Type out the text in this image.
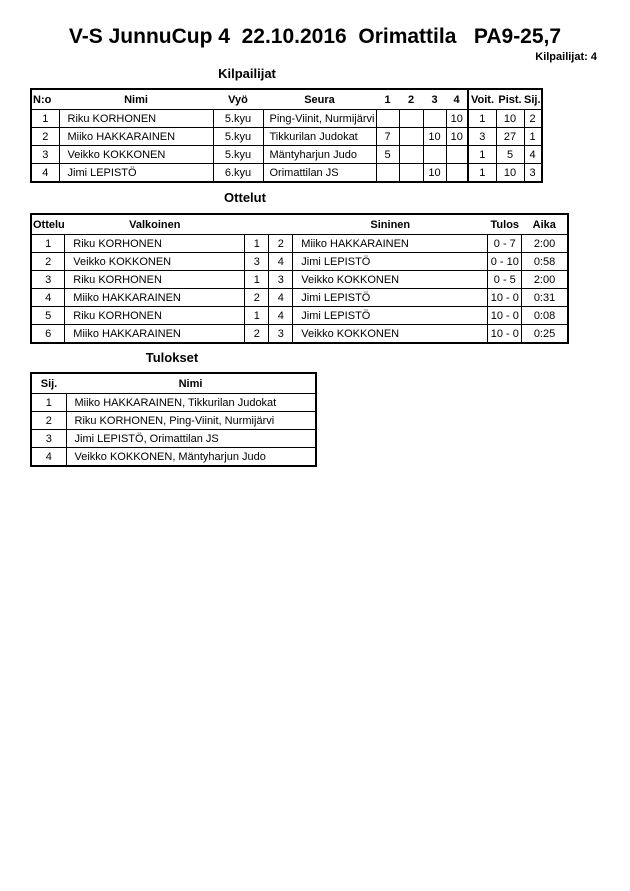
V-S JunnuCup 4  22.10.2016  Orimattila   PA9-25,7
Kilpailijat: 4
Kilpailijat
N:o	Nimi	Vyö	Seura	1	2	3	4	Voit.	Pist.	Sij.
1	Riku KORHONEN	5.kyu	Ping-Viinit, Nurmijärvi				10	1	10	2
2	Miiko HAKKARAINEN	5.kyu	Tikkurilan Judokat	7		10	10	3	27	1
3	Veikko KOKKONEN	5.kyu	Mäntyharjun Judo	5				1	5	4
4	Jimi LEPISTÖ	6.kyu	Orimattilan JS			10		1	10	3
Ottelut
Ottelu	Valkoinen			Sininen	Tulos	Aika
1	Riku KORHONEN	1	2	Miiko HAKKARAINEN	0 - 7	2:00
2	Veikko KOKKONEN	3	4	Jimi LEPISTÖ	0 - 10	0:58
3	Riku KORHONEN	1	3	Veikko KOKKONEN	0 - 5	2:00
4	Miiko HAKKARAINEN	2	4	Jimi LEPISTÖ	10 - 0	0:31
5	Riku KORHONEN	1	4	Jimi LEPISTÖ	10 - 0	0:08
6	Miiko HAKKARAINEN	2	3	Veikko KOKKONEN	10 - 0	0:25
Tulokset
Sij.	Nimi
1	Miiko HAKKARAINEN, Tikkurilan Judokat
2	Riku KORHONEN, Ping-Viinit, Nurmijärvi
3	Jimi LEPISTÖ, Orimattilan JS
4	Veikko KOKKONEN, Mäntyharjun Judo
